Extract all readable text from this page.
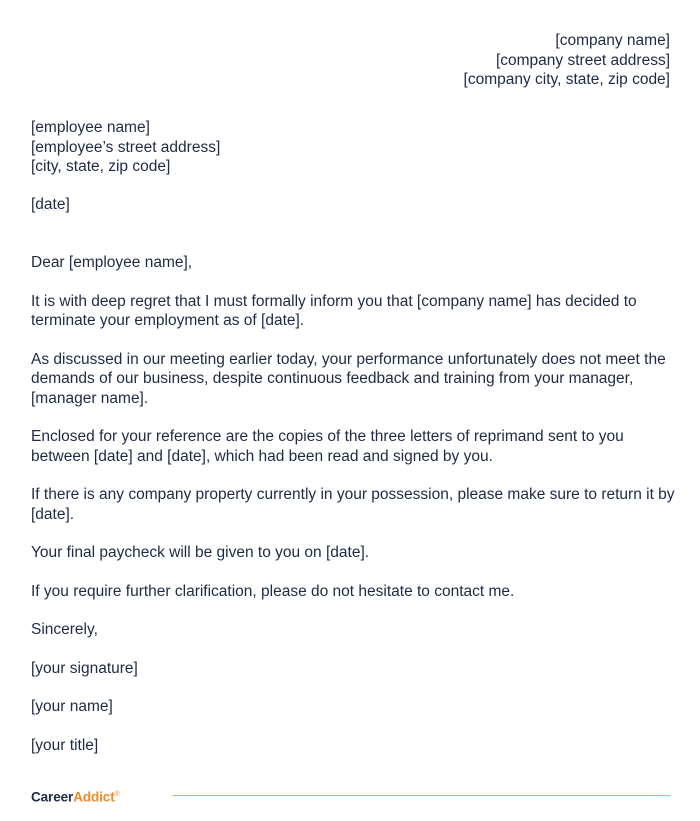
[company name]
[company street address]
[company city, state, zip code]
[employee name]
[employee’s street address]
[city, state, zip code]
[date]

Dear [employee name],

It is with deep regret that I must formally inform you that [company name] has decided to terminate your employment as of [date].

As discussed in our meeting earlier today, your performance unfortunately does not meet the demands of our business, despite continuous feedback and training from your manager, [manager name].

Enclosed for your reference are the copies of the three letters of reprimand sent to you between [date] and [date], which had been read and signed by you.

If there is any company property currently in your possession, please make sure to return it by [date].

Your final paycheck will be given to you on [date].

If you require further clarification, please do not hesitate to contact me.

Sincerely,

[your signature]

[your name]

[your title]

CareerAddict®
